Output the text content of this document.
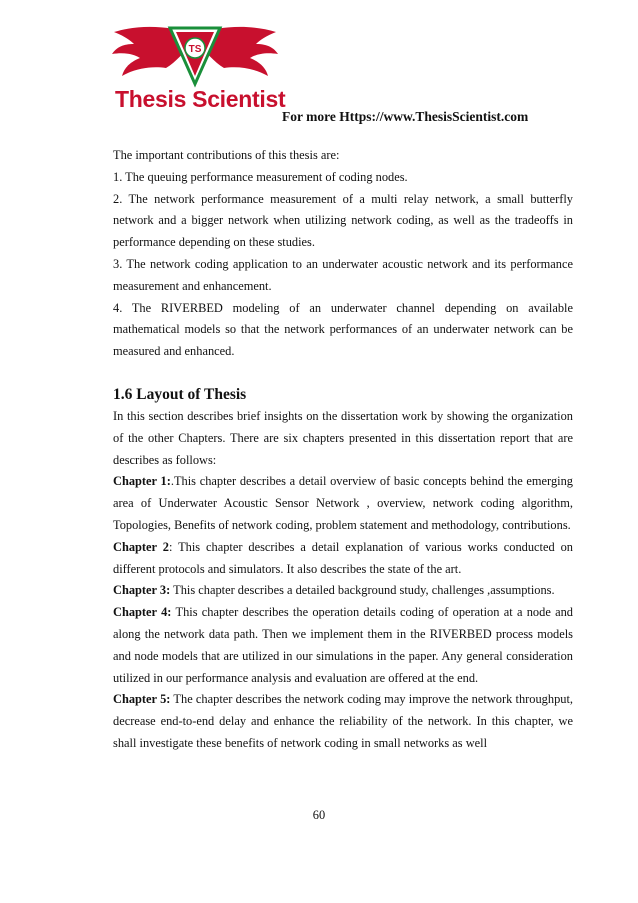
TS
Thesis Scientist
For more Https://www.ThesisScientist.com

The important contributions of this thesis are:

1. The queuing performance measurement of coding nodes.

2. The network performance measurement of a multi relay network, a small butterfly network and a bigger network when utilizing network coding, as well as the tradeoffs in performance depending on these studies.

3. The network coding application to an underwater acoustic network and its performance measurement and enhancement.

4. The RIVERBED modeling of an underwater channel depending on available mathematical models so that the network performances of an underwater network can be measured and enhanced.

1.6 Layout of Thesis

In this section describes brief insights on the dissertation work by showing the organization of the other Chapters. There are six chapters presented in this dissertation report that are describes as follows:

Chapter 1:.This chapter describes a detail overview of basic concepts behind the emerging area of Underwater Acoustic Sensor Network , overview, network coding algorithm, Topologies, Benefits of network coding, problem statement and methodology, contributions.

Chapter 2: This chapter describes a detail explanation of various works conducted on different protocols and simulators. It also describes the state of the art.

Chapter 3: This chapter describes a detailed background study, challenges ,assumptions.

Chapter 4: This chapter describes the operation details coding of operation at a node and along the network data path. Then we implement them in the RIVERBED process models and node models that are utilized in our simulations in the paper. Any general consideration utilized in our performance analysis and evaluation are offered at the end.

Chapter 5: The chapter describes the network coding may improve the network throughput, decrease end-to-end delay and enhance the reliability of the network. In this chapter, we shall investigate these benefits of network coding in small networks as well

60
